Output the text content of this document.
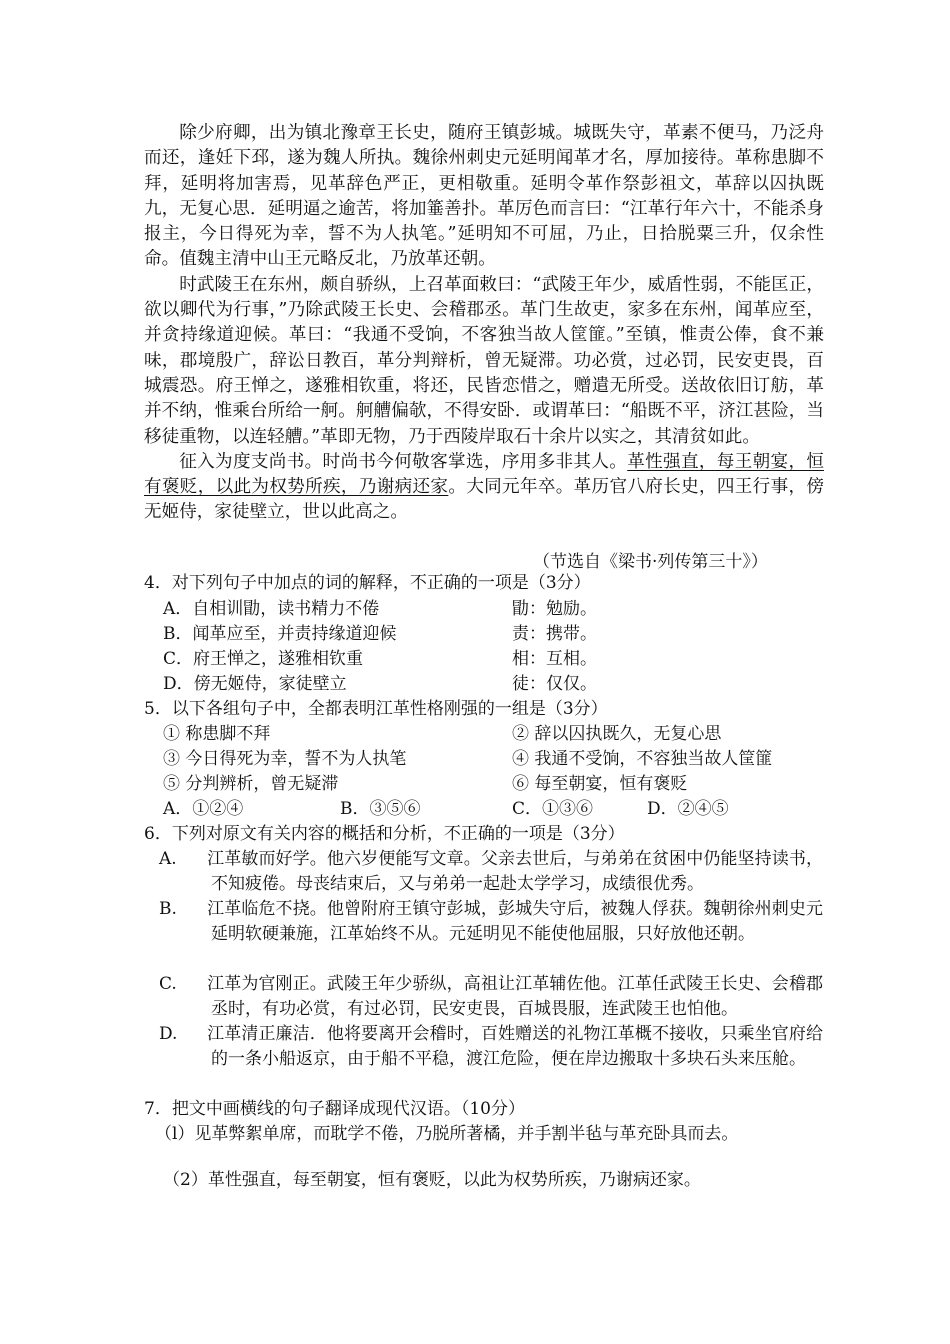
除少府卿，出为镇北豫章王长史，随府王镇彭城。城既失守，革素不便马，乃泛舟而还，逢妊下邳，遂为魏人所执。魏徐州刺史元延明闻革才名，厚加接待。革称患脚不拜，延明将加害焉，见革辞色严正，更相敬重。延明令革作祭彭祖文，革辞以囚执既九，无复心思．延明逼之逾苦，将加箠善扑。革厉色而言曰：“江革行年六十，不能杀身报主，今日得死为幸，誓不为人执笔。”延明知不可屈，乃止，日拾脱粟三升，仅余性命。值魏主清中山王元略反北，乃放革还朝。

时武陵王在东州，颇自骄纵，上召革面敕曰：“武陵王年少，威盾性弱，不能匡正，欲以卿代为行事，”乃除武陵王长史、会稽郡丞。革门生故吏，家多在东州，闻革应至，并贪持缘道迎候。革曰：“我通不受饷，不客独当故人筐篚。”至镇，惟责公俸，食不兼味，郡境殷广，辞讼日教百，革分判辩析，曾无疑滞。功必赏，过必罚，民安吏畏，百城震恐。府王惮之，遂雅相钦重，将还，民皆恋惜之，赠遣无所受。送故依旧订舫，革并不纳，惟乘台所给一舸。舸艚偏欹，不得安卧．或谓革曰：“船既不平，济江甚险，当移徒重物，以连轻艚。”革即无物，乃于西陵岸取石十余片以实之，其清贫如此。

征入为度支尚书。时尚书今何敬客掌选，序用多非其人。革性强直，每王朝宴，恒有褒贬，以此为权势所疾，乃谢病还家。大同元年卒。革历官八府长史，四王行事，傍无姬侍，家徒壁立，世以此高之。

（节选自《梁书·列传第三十》）
4．对下列句子中加点的词的解释，不正确的一项是（3分）
A．自相训勖，读书精力不倦	勖：勉励。
B．闻革应至，并责持缘道迎候	责：携带。
C．府王惮之，遂雅相钦重	相：互相。
D．傍无姬侍，家徒壁立	徒：仅仅。
5．以下各组句子中，全都表明江革性格刚强的一组是（3分）
① 称患脚不拜	② 辞以囚执既久，无复心思
③ 今日得死为幸，誓不为人执笔	④ 我通不受饷，不容独当故人筐篚
⑤ 分判辨析，曾无疑滞	⑥ 每至朝宴，恒有褒贬
A．①②④	B．③⑤⑥	C．①③⑥	D．②④⑤
6．下列对原文有关内容的概括和分析，不正确的一项是（3分）
A. 江革敏而好学。他六岁便能写文章。父亲去世后，与弟弟在贫困中仍能坚持读书，不知疲倦。母丧结束后，又与弟弟一起赴太学学习，成绩很优秀。
B. 江革临危不挠。他曾附府王镇守彭城，彭城失守后，被魏人俘获。魏朝徐州刺史元延明软硬兼施，江革始终不从。元延明见不能使他屈服，只好放他还朝。
C. 江革为官刚正。武陵王年少骄纵，高祖让江革辅佐他。江革任武陵王长史、会稽郡丞时，有功必赏，有过必罚，民安吏畏，百城畏服，连武陵王也怕他。
D. 江革清正廉洁．他将要离开会稽时，百姓赠送的礼物江革概不接收，只乘坐官府给的一条小船返京，由于船不平稳，渡江危险，便在岸边搬取十多块石头来压舱。
7．把文中画横线的句子翻译成现代汉语。（10分）
（l）见革弊絮单席，而耽学不倦，乃脱所著橘，并手割半毡与革充卧具而去。
（2）革性强直，每至朝宴，恒有褒贬，以此为权势所疾，乃谢病还家。
